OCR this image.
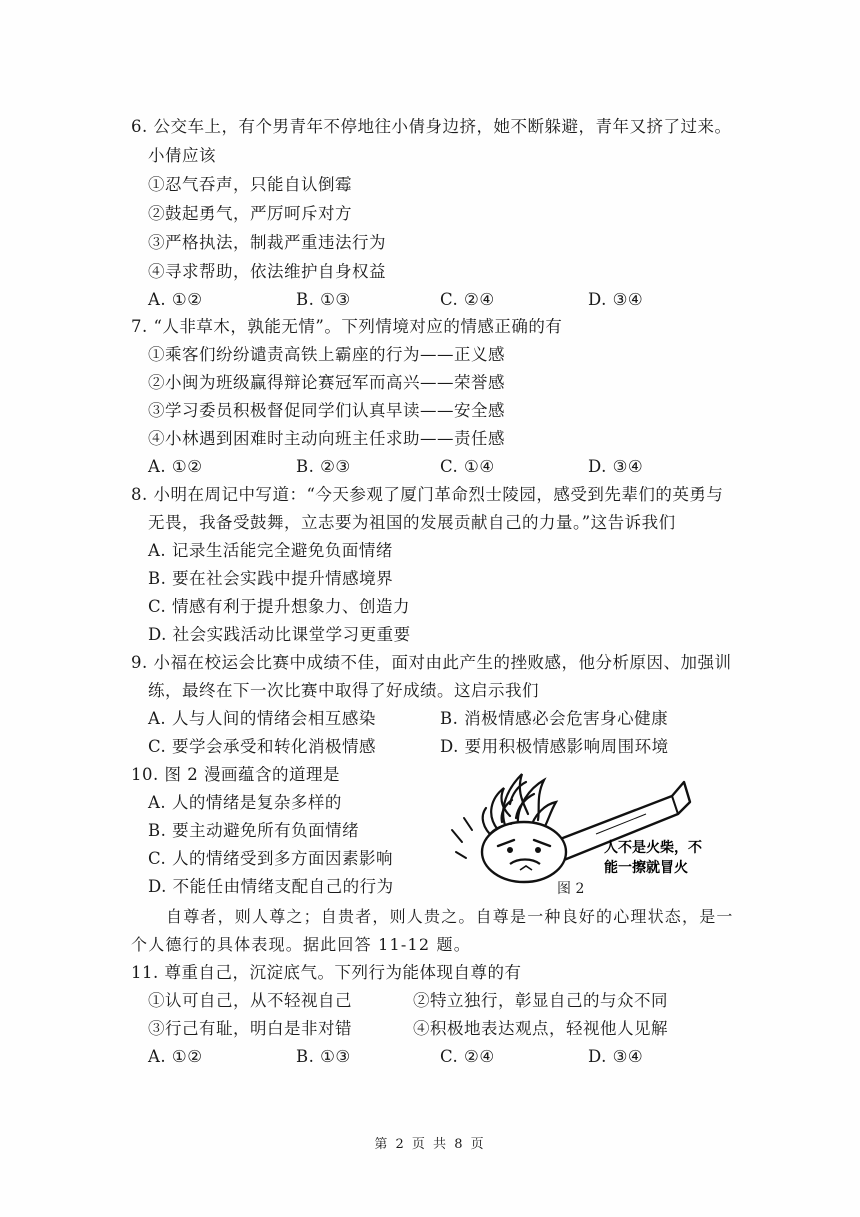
6. 公交车上，有个男青年不停地往小倩身边挤，她不断躲避，青年又挤了过来。
小倩应该
①忍气吞声，只能自认倒霉
②鼓起勇气，严厉呵斥对方
③严格执法，制裁严重违法行为
④寻求帮助，依法维护自身权益
A. ①②	B. ①③	C. ②④	D. ③④
7. “人非草木，孰能无情”。下列情境对应的情感正确的有
①乘客们纷纷谴责高铁上霸座的行为——正义感
②小闽为班级赢得辩论赛冠军而高兴——荣誉感
③学习委员积极督促同学们认真早读——安全感
④小林遇到困难时主动向班主任求助——责任感
A. ①②	B. ②③	C. ①④	D. ③④
8. 小明在周记中写道：“今天参观了厦门革命烈士陵园，感受到先辈们的英勇与
无畏，我备受鼓舞，立志要为祖国的发展贡献自己的力量。”这告诉我们
A. 记录生活能完全避免负面情绪
B. 要在社会实践中提升情感境界
C. 情感有利于提升想象力、创造力
D. 社会实践活动比课堂学习更重要
9. 小福在校运会比赛中成绩不佳，面对由此产生的挫败感，他分析原因、加强训
练，最终在下一次比赛中取得了好成绩。这启示我们
A. 人与人间的情绪会相互感染	B. 消极情感必会危害身心健康
C. 要学会承受和转化消极情感	D. 要用积极情感影响周围环境
10. 图 2 漫画蕴含的道理是
A. 人的情绪是复杂多样的
B. 要主动避免所有负面情绪
C. 人的情绪受到多方面因素影响
D. 不能任由情绪支配自己的行为
人不是火柴，不
能一擦就冒火
图 2
自尊者，则人尊之；自贵者，则人贵之。自尊是一种良好的心理状态，是一
个人德行的具体表现。据此回答 11-12 题。
11. 尊重自己，沉淀底气。下列行为能体现自尊的有
①认可自己，从不轻视自己	②特立独行，彰显自己的与众不同
③行己有耻，明白是非对错	④积极地表达观点，轻视他人见解
A. ①②	B. ①③	C. ②④	D. ③④
第 2 页 共 8 页
